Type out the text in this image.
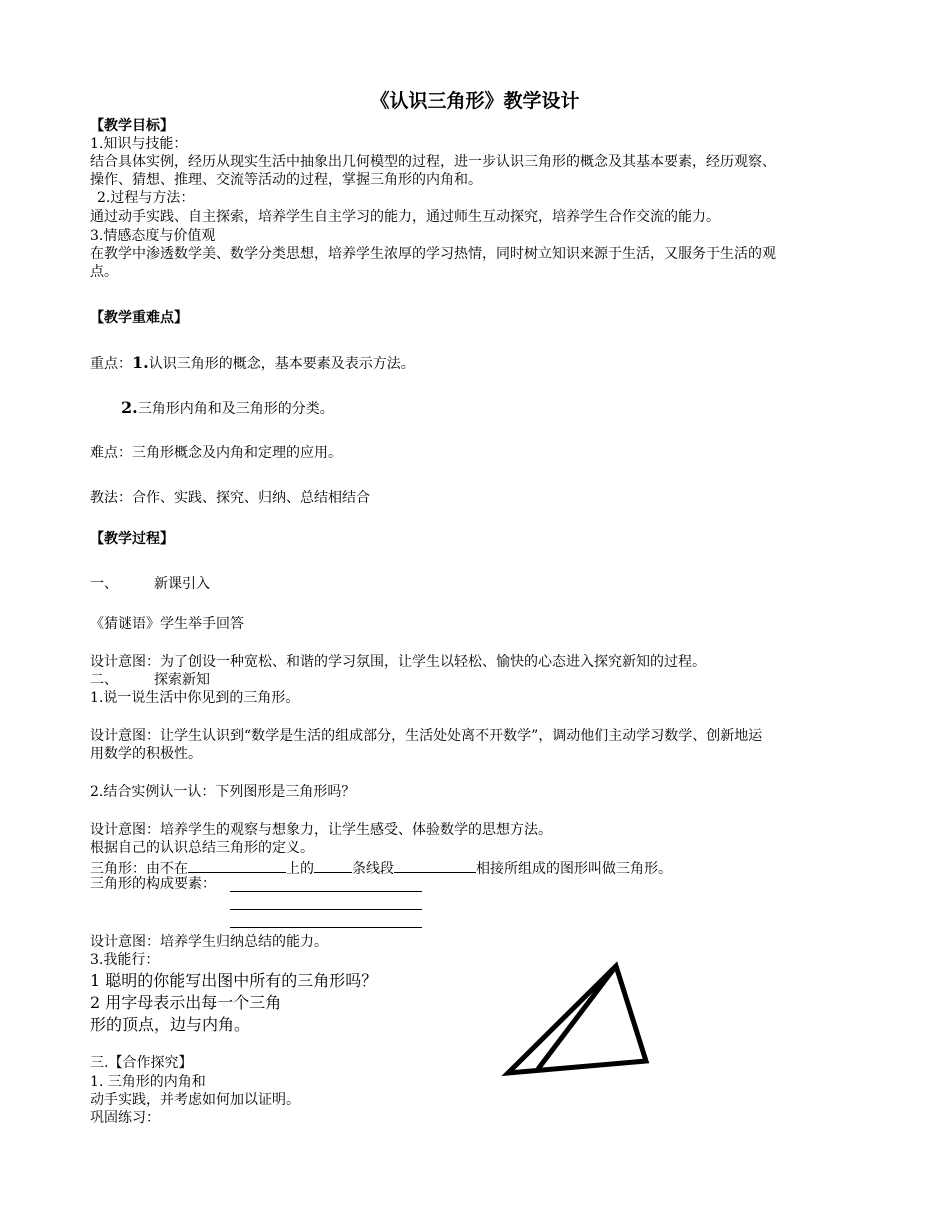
《认识三角形》教学设计
【教学目标】
1.知识与技能：
结合具体实例，经历从现实生活中抽象出几何模型的过程，进一步认识三角形的概念及其基本要素，经历观察、
操作、猜想、推理、交流等活动的过程，掌握三角形的内角和。
2.过程与方法：
通过动手实践、自主探索，培养学生自主学习的能力，通过师生互动探究，培养学生合作交流的能力。
3.情感态度与价值观
在教学中渗透数学美、数学分类思想，培养学生浓厚的学习热情，同时树立知识来源于生活，又服务于生活的观
点。
【教学重难点】
重点：1.认识三角形的概念，基本要素及表示方法。
2.三角形内角和及三角形的分类。
难点：三角形概念及内角和定理的应用。
教法：合作、实践、探究、归纳、总结相结合
【教学过程】
一、	新课引入
《猜谜语》学生举手回答
设计意图：为了创设一种宽松、和谐的学习氛围，让学生以轻松、愉快的心态进入探究新知的过程。
二、	探索新知
1.说一说生活中你见到的三角形。
设计意图：让学生认识到“数学是生活的组成部分，生活处处离不开数学”，调动他们主动学习数学、创新地运
用数学的积极性。
2.结合实例认一认：下列图形是三角形吗？
设计意图：培养学生的观察与想象力，让学生感受、体验数学的思想方法。
根据自己的认识总结三角形的定义。
三角形：由不在	上的	条线段	相接所组成的图形叫做三角形。
三角形的构成要素：
设计意图：培养学生归纳总结的能力。
3.我能行：
1 聪明的你能写出图中所有的三角形吗？
2 用字母表示出每一个三角
形的顶点，边与内角。
三.【合作探究】
1. 三角形的内角和
动手实践，并考虑如何加以证明。
巩固练习：
